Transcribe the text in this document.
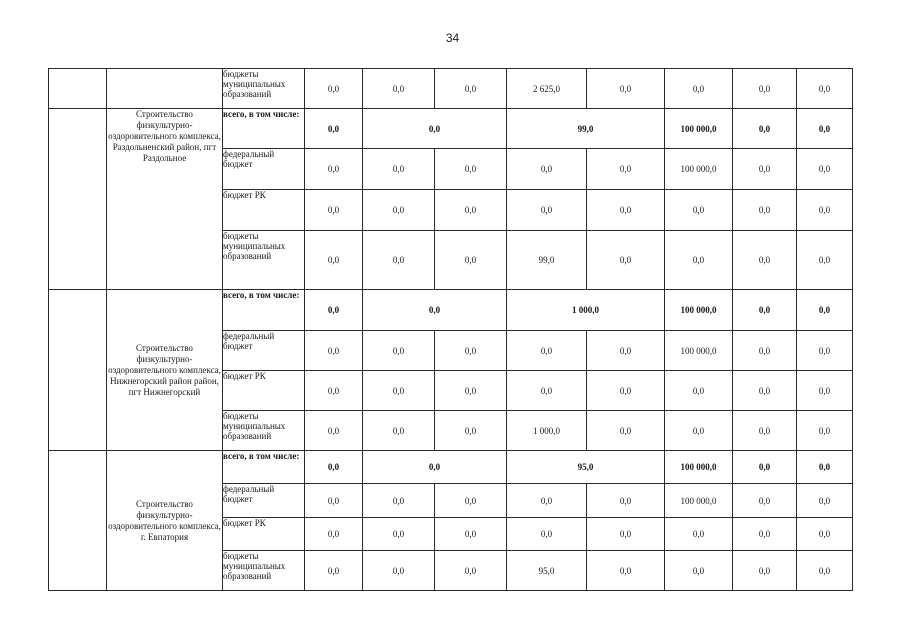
34
		бюджеты муниципальных образований	0,0	0,0	0,0	2 625,0	0,0	0,0	0,0	0,0
	Строительство физкультурно-оздоровительного комплекса, Раздольненский район, пгт Раздольное	всего, в том числе:	0,0	0,0		99,0		100 000,0	0,0	0,0
		федеральный бюджет	0,0	0,0	0,0	0,0	0,0	100 000,0	0,0	0,0
		бюджет РК	0,0	0,0	0,0	0,0	0,0	0,0	0,0	0,0
		бюджеты муниципальных образований	0,0	0,0	0,0	99,0	0,0	0,0	0,0	0,0
	Строительство физкультурно-оздоровительного комплекса, Нижнегорский район район, пгт Нижнегорский	всего, в том числе:	0,0	0,0		1 000,0		100 000,0	0,0	0,0
		федеральный бюджет	0,0	0,0	0,0	0,0	0,0	100 000,0	0,0	0,0
		бюджет РК	0,0	0,0	0,0	0,0	0,0	0,0	0,0	0,0
		бюджеты муниципальных образований	0,0	0,0	0,0	1 000,0	0,0	0,0	0,0	0,0
	Строительство физкультурно-оздоровительного комплекса, г. Евпатория	всего, в том числе:	0,0	0,0		95,0		100 000,0	0,0	0,0
		федеральный бюджет	0,0	0,0	0,0	0,0	0,0	100 000,0	0,0	0,0
		бюджет РК	0,0	0,0	0,0	0,0	0,0	0,0	0,0	0,0
		бюджеты муниципальных образований	0,0	0,0	0,0	95,0	0,0	0,0	0,0	0,0
